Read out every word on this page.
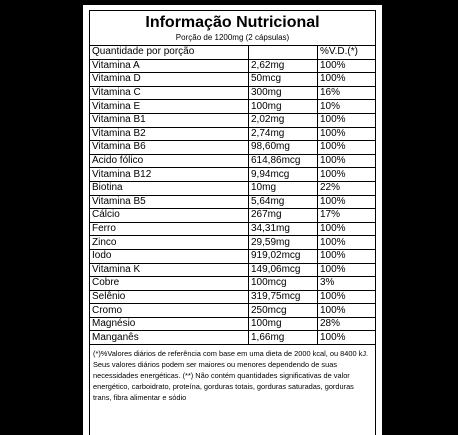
Informação Nutricional
Porção de 1200mg (2 cápsulas)
Quantidade por porção		%V.D.(*)
Vitamina A	2,62mg	100%
Vitamina D	50mcg	100%
Vitamina C	300mg	16%
Vitamina E	100mg	10%
Vitamina B1	2,02mg	100%
Vitamina B2	2,74mg	100%
Vitamina B6	98,60mg	100%
Ácido fólico	614,86mcg	100%
Vitamina B12	9,94mcg	100%
Biotina	10mg	22%
Vitamina B5	5,64mg	100%
Cálcio	267mg	17%
Ferro	34,31mg	100%
Zinco	29,59mg	100%
Iodo	919,02mcg	100%
Vitamina K	149,06mcg	100%
Cobre	100mcg	3%
Selênio	319,75mcg	100%
Cromo	250mcg	100%
Magnésio	100mg	28%
Manganês	1,66mg	100%
(*)%Valores diários de referência com base em uma dieta de 2000 kcal, ou 8400 kJ. Seus valores diários podem ser maiores ou menores dependendo de suas necessidades energéticas. (**) Não contém quantidades significativas de valor energético, carboidrato, proteína, gorduras totais, gorduras saturadas, gorduras trans, fibra alimentar e sódio
